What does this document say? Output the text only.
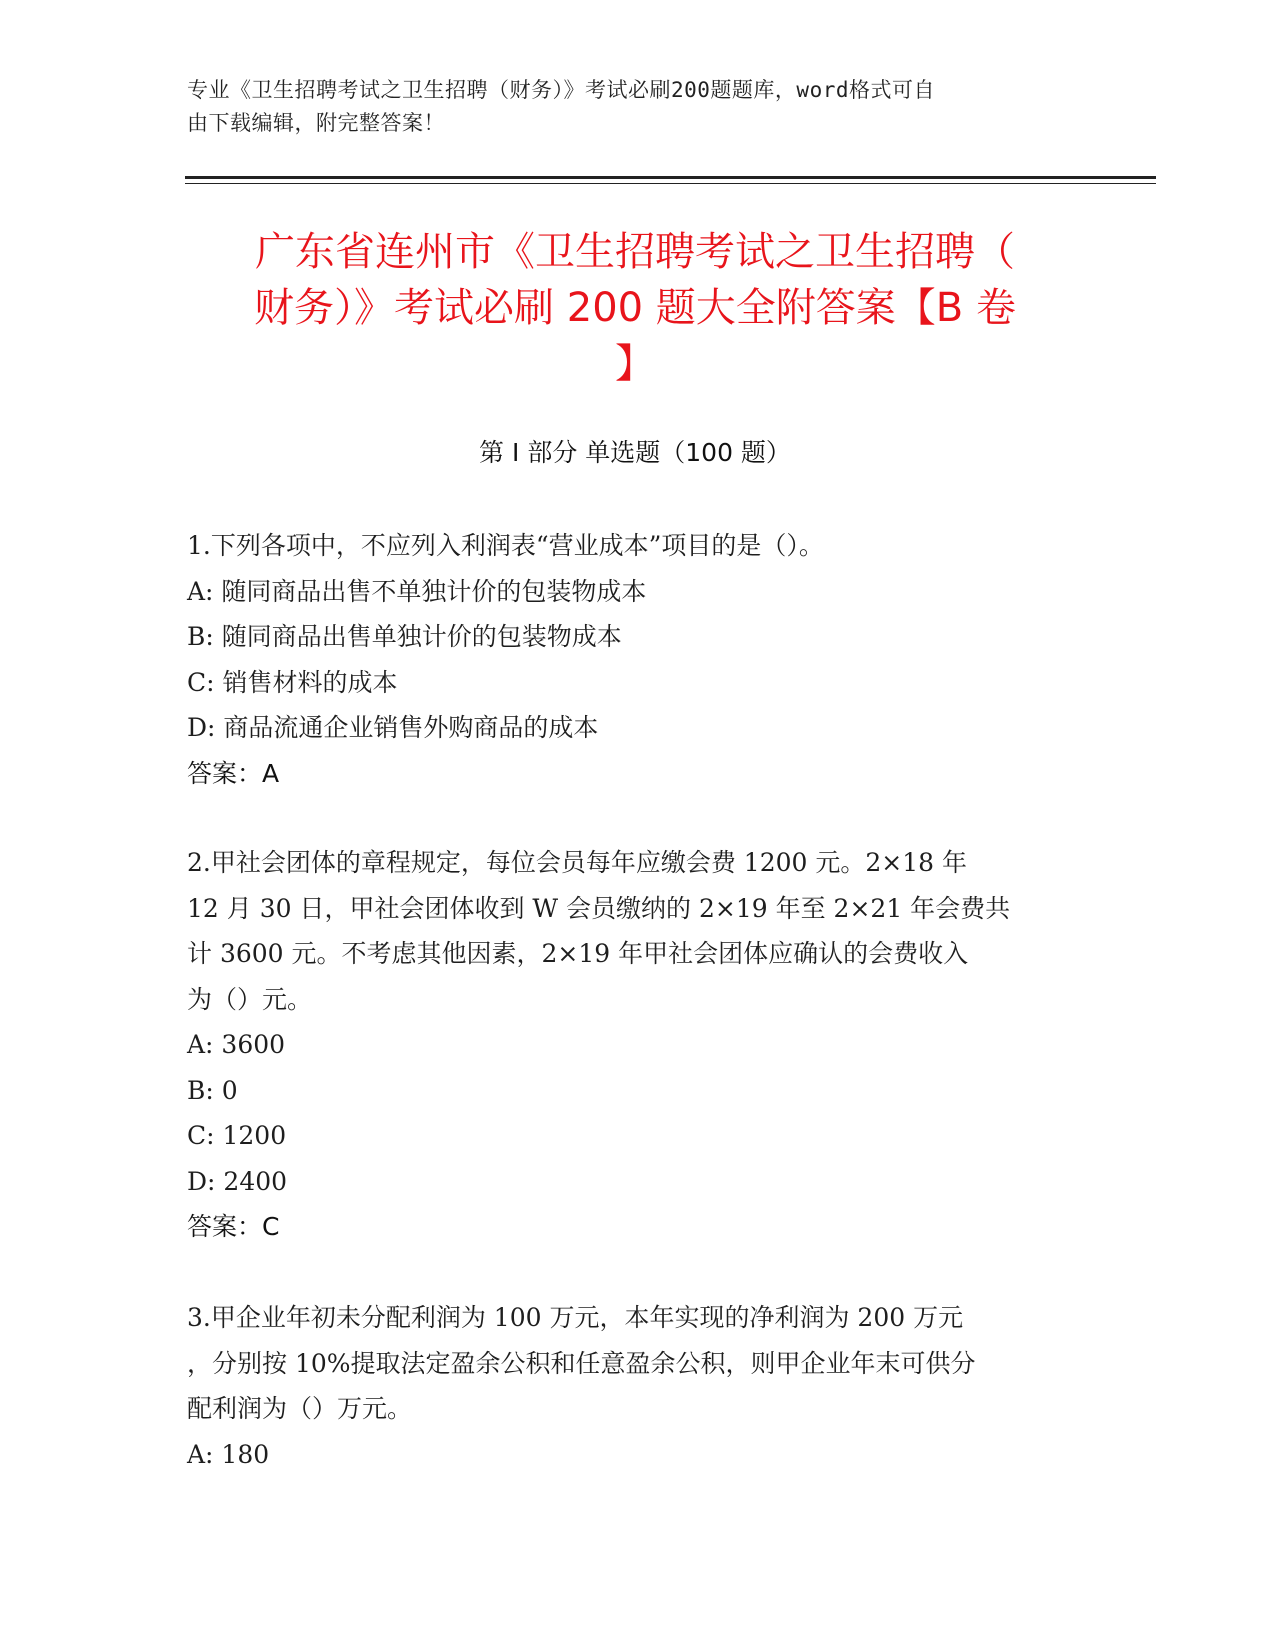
专业《卫生招聘考试之卫生招聘（财务）》考试必刷200题题库，word格式可自
由下载编辑，附完整答案！
广东省连州市《卫生招聘考试之卫生招聘（
财务）》考试必刷 200 题大全附答案【B 卷
】
第 I 部分 单选题（100 题）
1.下列各项中，不应列入利润表“营业成本”项目的是（）。
A: 随同商品出售不单独计价的包装物成本
B: 随同商品出售单独计价的包装物成本
C: 销售材料的成本
D: 商品流通企业销售外购商品的成本
答案：A
2.甲社会团体的章程规定，每位会员每年应缴会费 1200 元。2×18 年
12 月 30 日，甲社会团体收到 W 会员缴纳的 2×19 年至 2×21 年会费共
计 3600 元。不考虑其他因素，2×19 年甲社会团体应确认的会费收入
为（）元。
A: 3600
B: 0
C: 1200
D: 2400
答案：C
3.甲企业年初未分配利润为 100 万元，本年实现的净利润为 200 万元
，分别按 10%提取法定盈余公积和任意盈余公积，则甲企业年末可供分
配利润为（）万元。
A: 180
